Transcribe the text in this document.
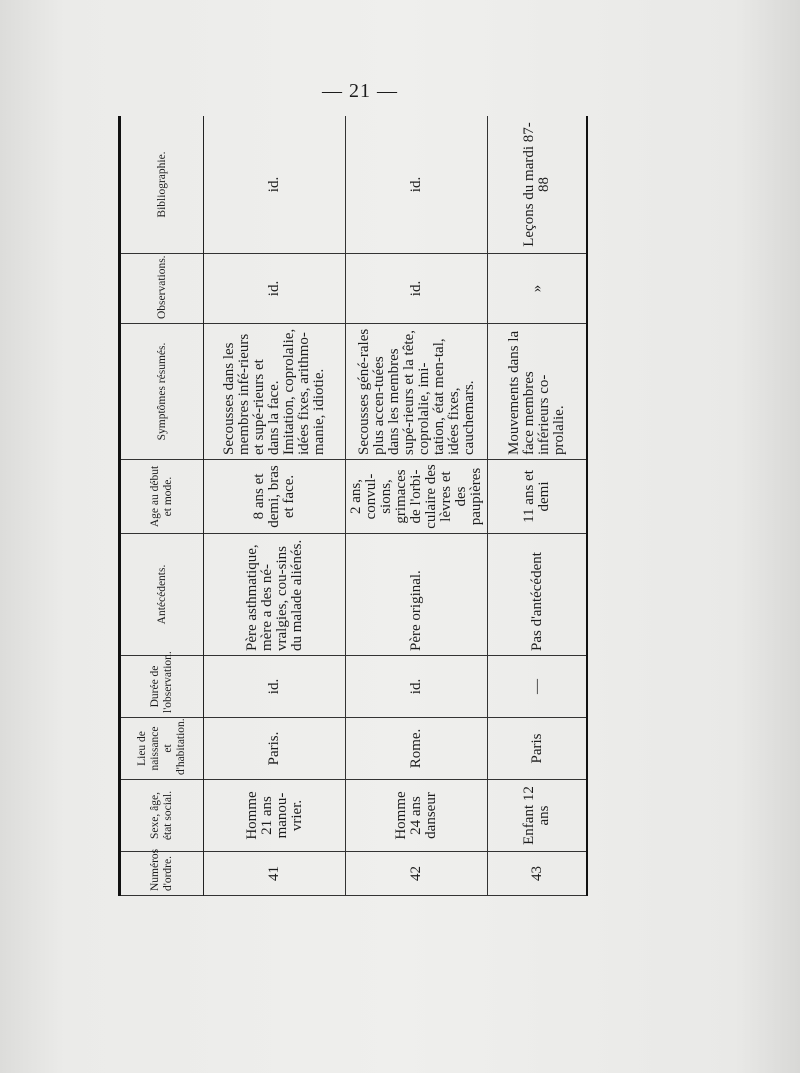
— 21 —
Numéros d'ordre.	Sexe, âge, état social.	Lieu de naissance et d'habitation.	Durée de l'observation.	Antécédents.	Age au début et mode.	Symptômes résumés.	Observations.	Bibliographie.
41	Homme 21 ans manou-vrier.	Paris.	id.	Père asthmatique, mère a des né-vralgies, cou-sins du malade aliénés.	8 ans et demi, bras et face.	Secousses dans les membres infé-rieurs et supé-rieurs et dans la face. Imitation, coprolalie, idées fixes, arithmo-manie, idiotie.	id.	id.
42	Homme 24 ans danseur	Rome.	id.	Père original.	2 ans, convul-sions, grimaces de l'orbi-culaire des lèvres et des paupières	Secousses géné-rales plus accen-tuées dans les membres supé-rieurs et la tête, coprolalie, imi-tation, état men-tal, idées fixes, cauchemars.	id.	id.
43	Enfant 12 ans	Paris	—	Pas d'antécédent	11 ans et demi	Mouvements dans la face membres inférieurs co-prolalie.	»	Leçons du mardi 87-88
